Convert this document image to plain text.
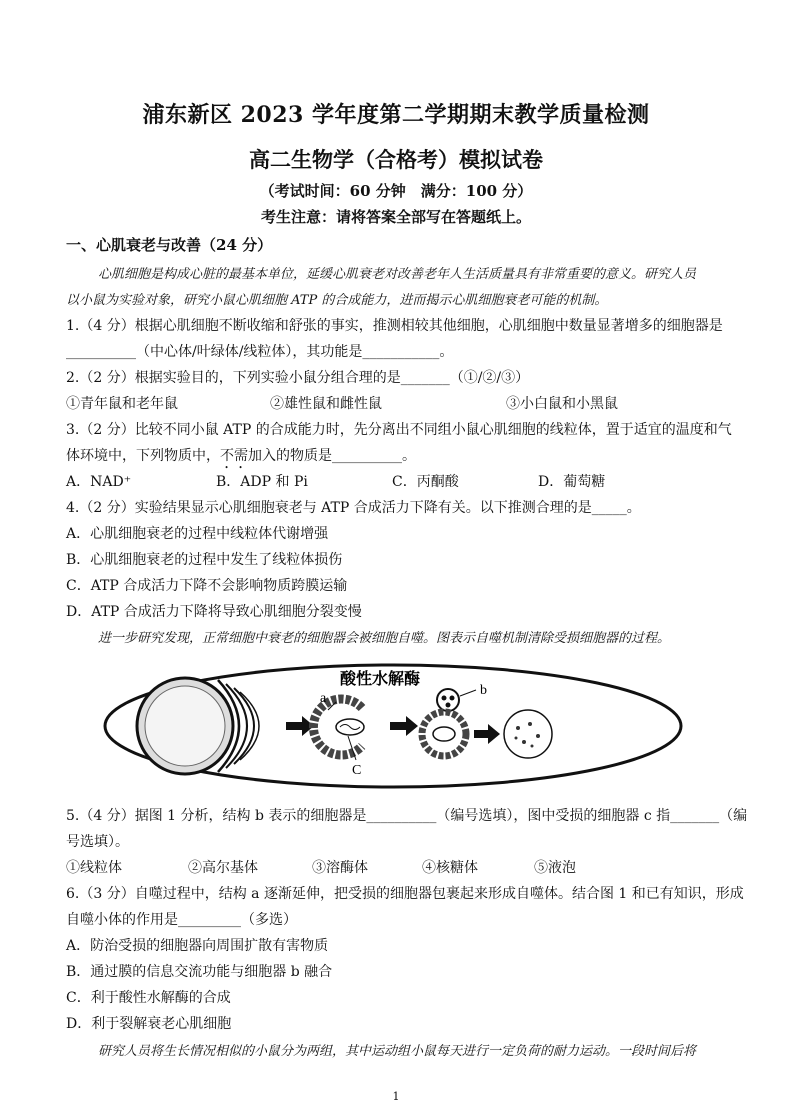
浦东新区 2023 学年度第二学期期末教学质量检测
高二生物学（合格考）模拟试卷
（考试时间：60 分钟　满分：100 分）
考生注意：请将答案全部写在答题纸上。
一、心肌衰老与改善（24 分）
心肌细胞是构成心脏的最基本单位，延缓心肌衰老对改善老年人生活质量具有非常重要的意义。研究人员
以小鼠为实验对象，研究小鼠心肌细胞 ATP 的合成能力，进而揭示心肌细胞衰老可能的机制。
1.（4 分）根据心肌细胞不断收缩和舒张的事实，推测相较其他细胞，心肌细胞中数量显著增多的细胞器是
__________（中心体/叶绿体/线粒体），其功能是___________。
2.（2 分）根据实验目的，下列实验小鼠分组合理的是_______（①/②/③）
①青年鼠和老年鼠	②雄性鼠和雌性鼠	③小白鼠和小黑鼠
3.（2 分）比较不同小鼠 ATP 的合成能力时，先分离出不同组小鼠心肌细胞的线粒体，置于适宜的温度和气
体环境中，下列物质中，不需加入的物质是__________。
A．NAD⁺	B．ADP 和 Pi	C．丙酮酸	D．葡萄糖
4.（2 分）实验结果显示心肌细胞衰老与 ATP 合成活力下降有关。以下推测合理的是_____。
A．心肌细胞衰老的过程中线粒体代谢增强
B．心肌细胞衰老的过程中发生了线粒体损伤
C．ATP 合成活力下降不会影响物质跨膜运输
D．ATP 合成活力下降将导致心肌细胞分裂变慢
进一步研究发现，正常细胞中衰老的细胞器会被细胞自噬。图表示自噬机制清除受损细胞器的过程。
a
C
酸性水解酶
b
5.（4 分）据图 1 分析，结构 b 表示的细胞器是__________（编号选填），图中受损的细胞器 c 指_______（编
号选填）。
①线粒体	②高尔基体	③溶酶体	④核糖体	⑤液泡
6.（3 分）自噬过程中，结构 a 逐渐延伸，把受损的细胞器包裹起来形成自噬体。结合图 1 和已有知识，形成
自噬小体的作用是_________（多选）
A．防治受损的细胞器向周围扩散有害物质
B．通过膜的信息交流功能与细胞器 b 融合
C．利于酸性水解酶的合成
D．利于裂解衰老心肌细胞
研究人员将生长情况相似的小鼠分为两组，其中运动组小鼠每天进行一定负荷的耐力运动。一段时间后将
1
